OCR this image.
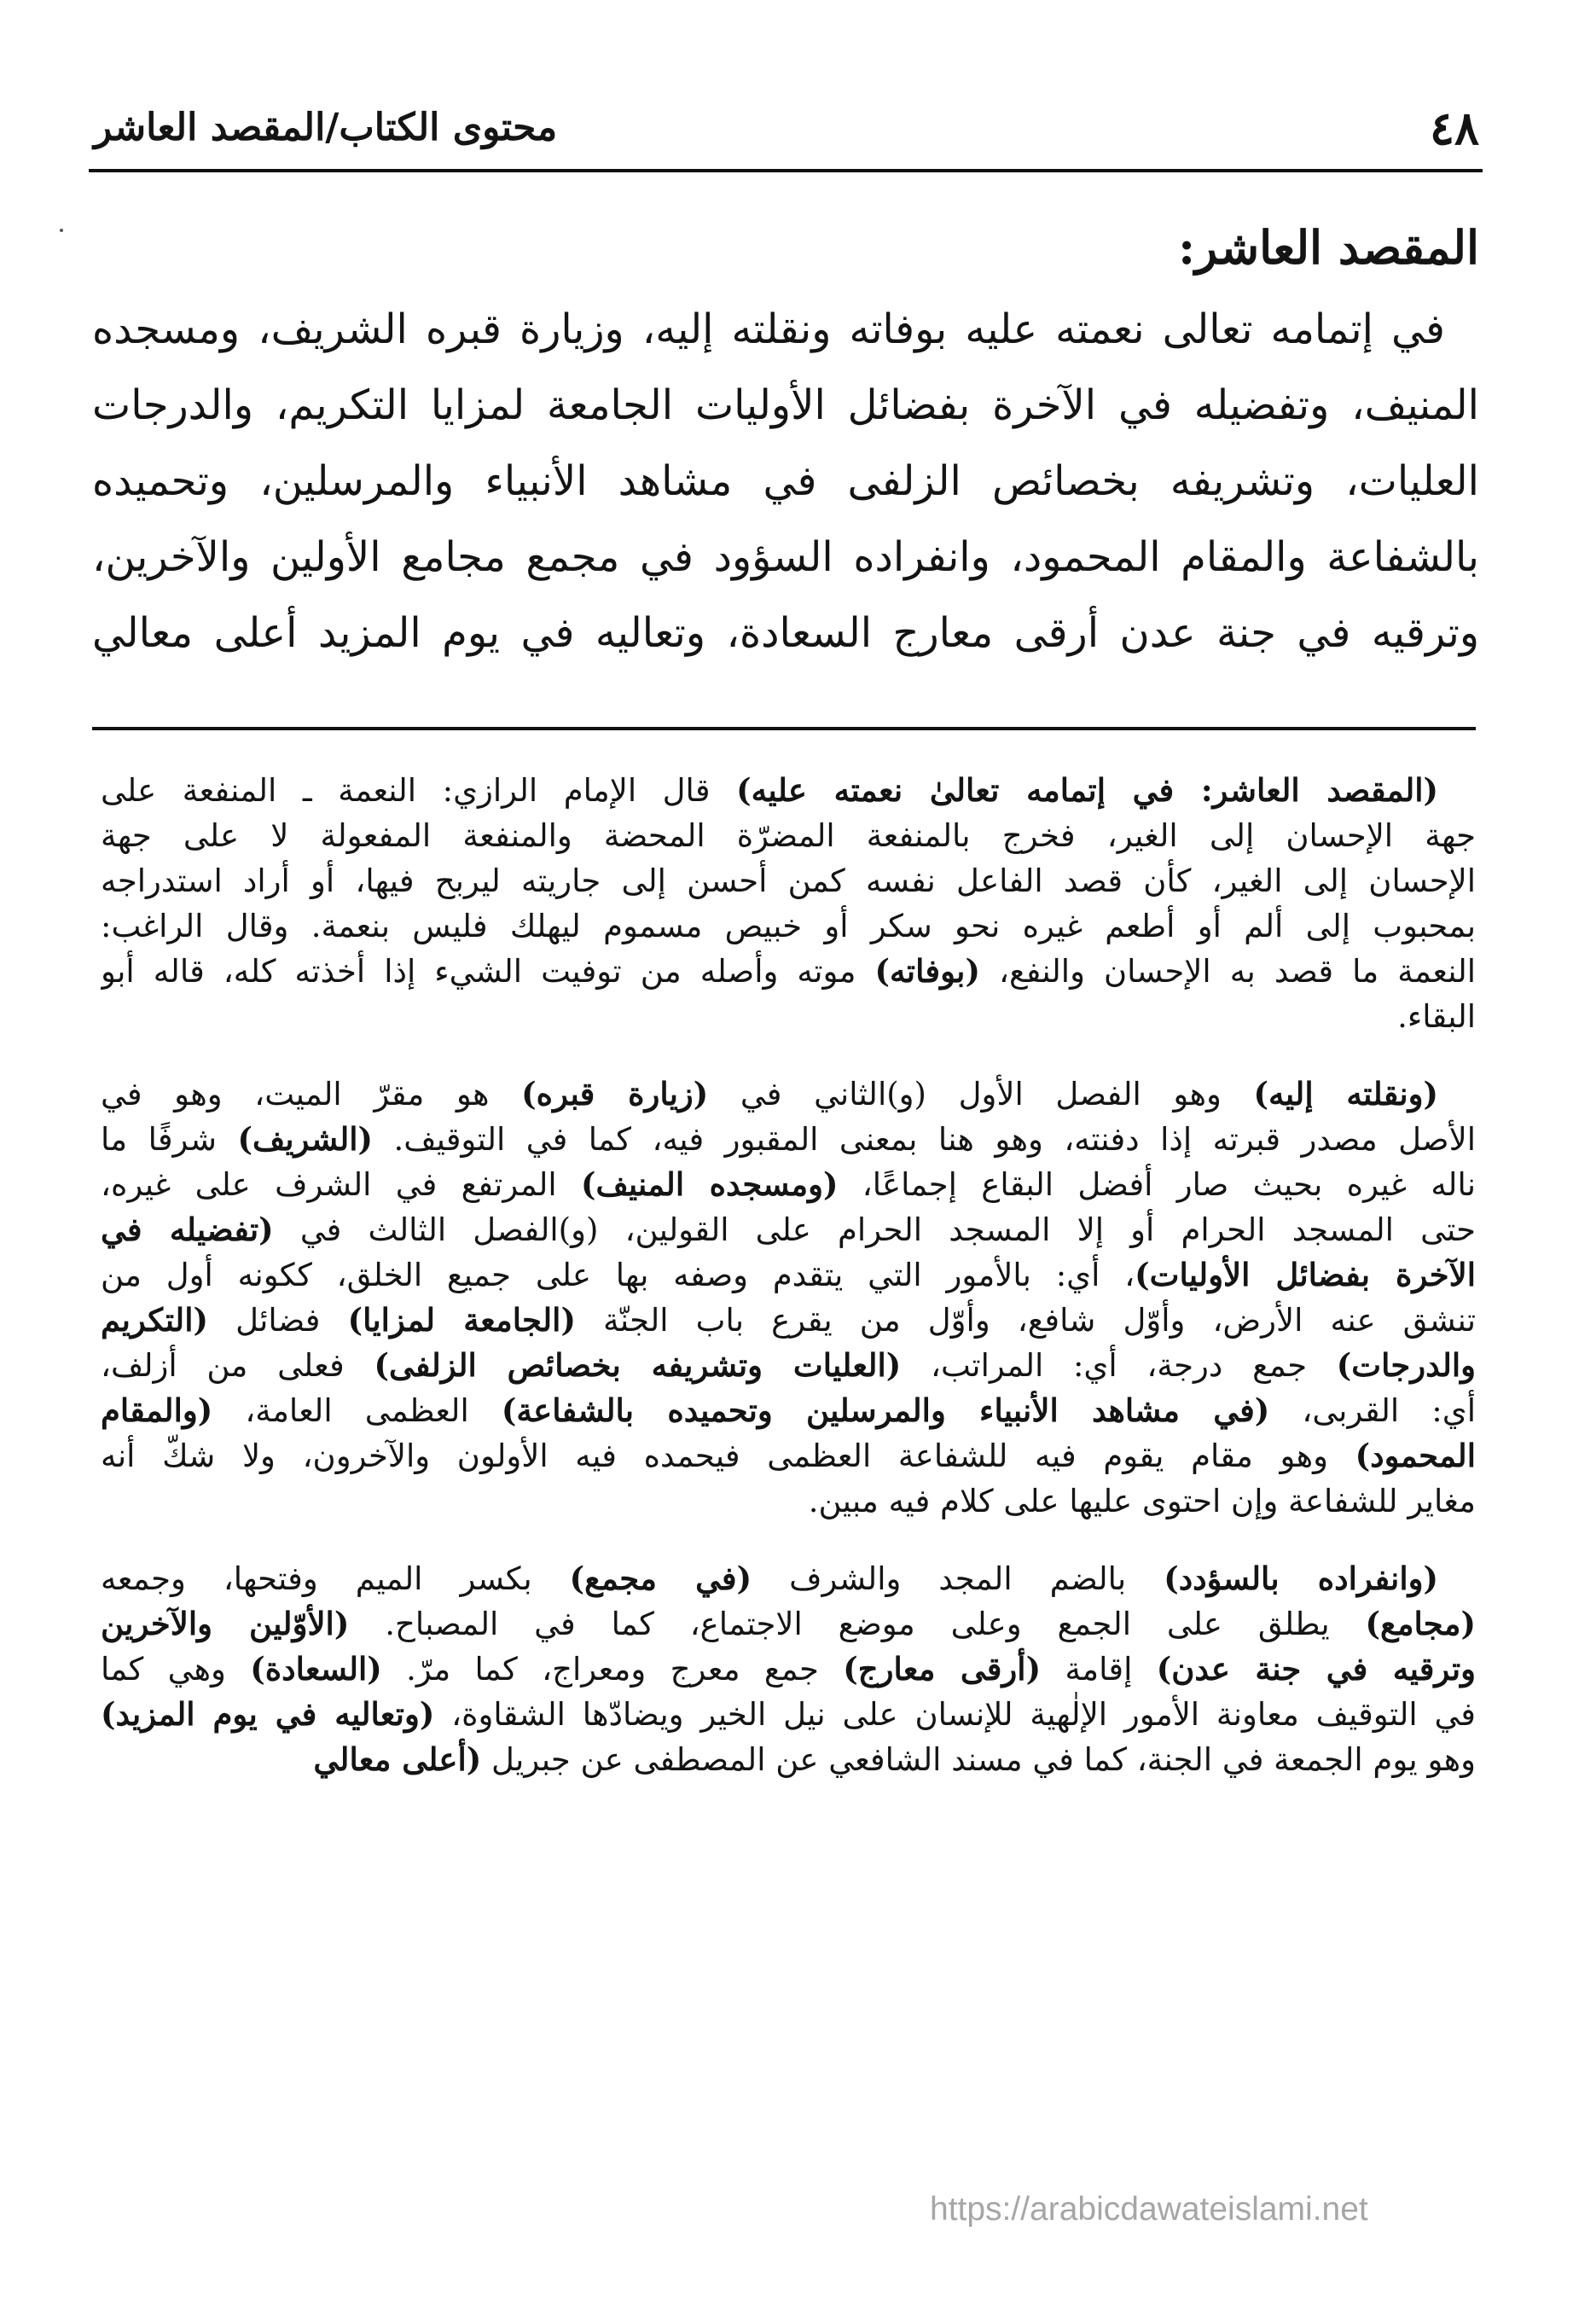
٤٨
محتوى الكتاب/المقصد العاشر
المقصد العاشر:
في إتمامه تعالى نعمته عليه بوفاته ونقلته إليه، وزيارة قبره الشريف، ومسجده
المنيف، وتفضيله في الآخرة بفضائل الأوليات الجامعة لمزايا التكريم، والدرجات
العليات، وتشريفه بخصائص الزلفى في مشاهد الأنبياء والمرسلين، وتحميده
بالشفاعة والمقام المحمود، وانفراده السؤود في مجمع مجامع الأولين والآخرين،
وترقيه في جنة عدن أرقى معارج السعادة، وتعاليه في يوم المزيد أعلى معالي
(المقصد العاشر: في إتمامه تعالىٰ نعمته عليه) قال الإمام الرازي: النعمة ـ المنفعة على
جهة الإحسان إلى الغير، فخرج بالمنفعة المضرّة المحضة والمنفعة المفعولة لا على جهة
الإحسان إلى الغير، كأن قصد الفاعل نفسه كمن أحسن إلى جاريته ليربح فيها، أو أراد استدراجه
بمحبوب إلى ألم أو أطعم غيره نحو سكر أو خبيص مسموم ليهلك فليس بنعمة. وقال الراغب:
النعمة ما قصد به الإحسان والنفع، (بوفاته) موته وأصله من توفيت الشيء إذا أخذته كله، قاله أبو
البقاء.
(ونقلته إليه) وهو الفصل الأول (و)الثاني في (زيارة قبره) هو مقرّ الميت، وهو في
الأصل مصدر قبرته إذا دفنته، وهو هنا بمعنى المقبور فيه، كما في التوقيف. (الشريف) شرفًا ما
ناله غيره بحيث صار أفضل البقاع إجماعًا، (ومسجده المنيف) المرتفع في الشرف على غيره،
حتى المسجد الحرام أو إلا المسجد الحرام على القولين، (و)الفصل الثالث في (تفضيله في
الآخرة بفضائل الأوليات)، أي: بالأمور التي يتقدم وصفه بها على جميع الخلق، ككونه أول من
تنشق عنه الأرض، وأوّل شافع، وأوّل من يقرع باب الجنّة (الجامعة لمزايا) فضائل (التكريم
والدرجات) جمع درجة، أي: المراتب، (العليات وتشريفه بخصائص الزلفى) فعلى من أزلف،
أي: القربى، (في مشاهد الأنبياء والمرسلين وتحميده بالشفاعة) العظمى العامة، (والمقام
المحمود) وهو مقام يقوم فيه للشفاعة العظمى فيحمده فيه الأولون والآخرون، ولا شكّ أنه
مغاير للشفاعة وإن احتوى عليها على كلام فيه مبين.
(وانفراده بالسؤدد) بالضم المجد والشرف (في مجمع) بكسر الميم وفتحها، وجمعه
(مجامع) يطلق على الجمع وعلى موضع الاجتماع، كما في المصباح. (الأوّلين والآخرين
وترقيه في جنة عدن) إقامة (أرقى معارج) جمع معرج ومعراج، كما مرّ. (السعادة) وهي كما
في التوقيف معاونة الأمور الإلٰهية للإنسان على نيل الخير ويضادّها الشقاوة، (وتعاليه في يوم المزيد)
وهو يوم الجمعة في الجنة، كما في مسند الشافعي عن المصطفى عن جبريل (أعلى معالي
https://arabicdawateislami.net
